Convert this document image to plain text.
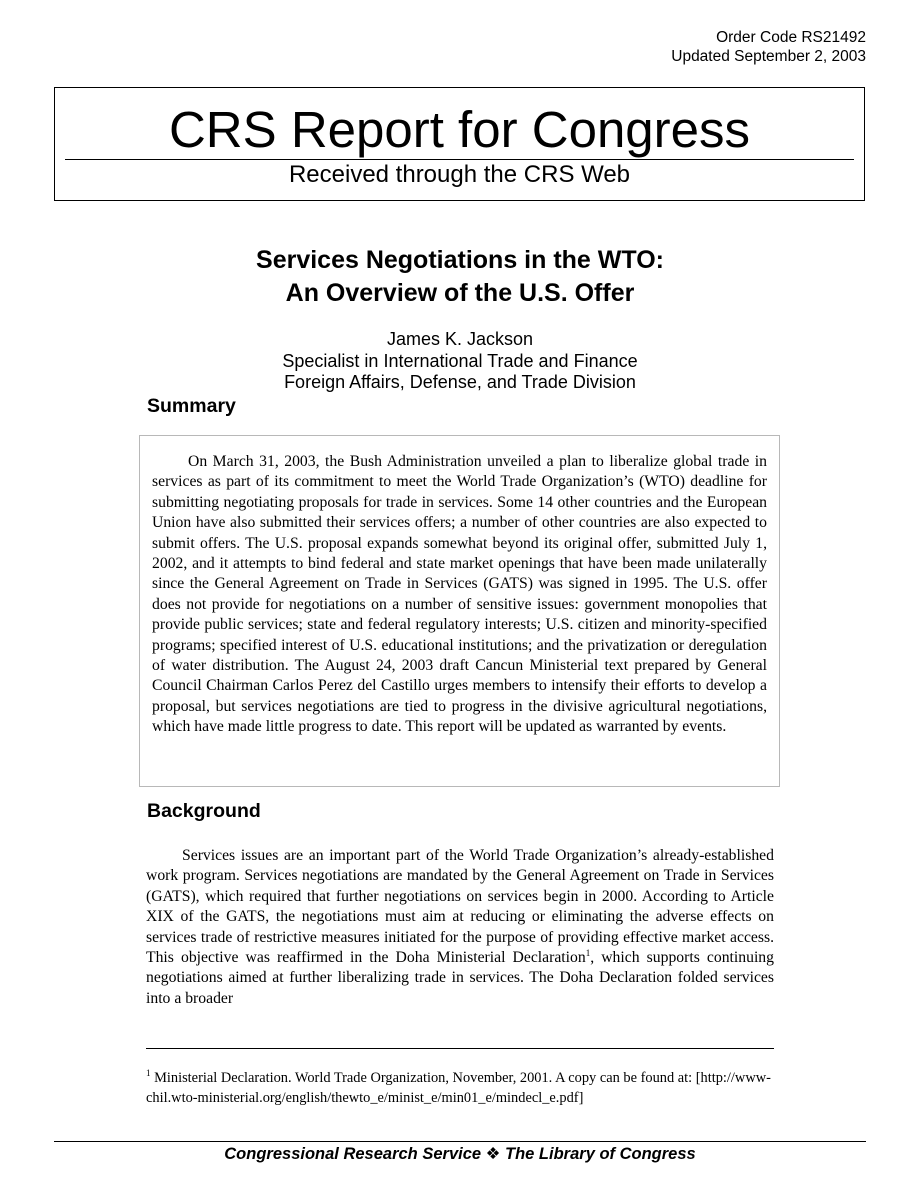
Order Code RS21492
Updated September 2, 2003
CRS Report for Congress
Received through the CRS Web
Services Negotiations in the WTO:
An Overview of the U.S. Offer
James K. Jackson
Specialist in International Trade and Finance
Foreign Affairs, Defense, and Trade Division
Summary

On March 31, 2003, the Bush Administration unveiled a plan to liberalize global trade in services as part of its commitment to meet the World Trade Organization’s (WTO) deadline for submitting negotiating proposals for trade in services. Some 14 other countries and the European Union have also submitted their services offers; a number of other countries are also expected to submit offers. The U.S. proposal expands somewhat beyond its original offer, submitted July 1, 2002, and it attempts to bind federal and state market openings that have been made unilaterally since the General Agreement on Trade in Services (GATS) was signed in 1995. The U.S. offer does not provide for negotiations on a number of sensitive issues: government monopolies that provide public services; state and federal regulatory interests; U.S. citizen and minority-specified programs; specified interest of U.S. educational institutions; and the privatization or deregulation of water distribution. The August 24, 2003 draft Cancun Ministerial text prepared by General Council Chairman Carlos Perez del Castillo urges members to intensify their efforts to develop a proposal, but services negotiations are tied to progress in the divisive agricultural negotiations, which have made little progress to date. This report will be updated as warranted by events.

Background

Services issues are an important part of the World Trade Organization’s already-established work program. Services negotiations are mandated by the General Agreement on Trade in Services (GATS), which required that further negotiations on services begin in 2000. According to Article XIX of the GATS, the negotiations must aim at reducing or eliminating the adverse effects on services trade of restrictive measures initiated for the purpose of providing effective market access. This objective was reaffirmed in the Doha Ministerial Declaration$^1$, which supports continuing negotiations aimed at further liberalizing trade in services. The Doha Declaration folded services into a broader

$^1$ Ministerial Declaration. World Trade Organization, November, 2001. A copy can be found at: [http://www-chil.wto-ministerial.org/english/thewto_e/minist_e/min01_e/mindecl_e.pdf]

Congressional Research Service ❖ The Library of Congress
